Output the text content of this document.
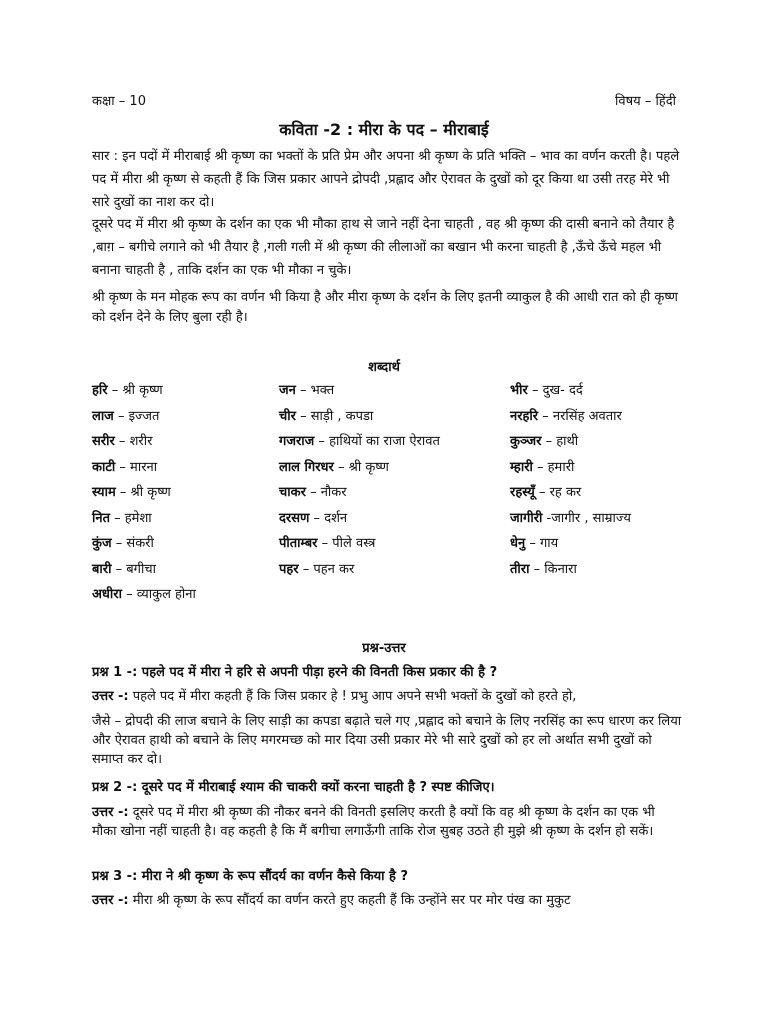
कक्षा – 10	विषय – हिंदी
कविता -2 : मीरा के पद – मीराबाई

सार : इन पदों में मीराबाई श्री कृष्ण का भक्तों के प्रति प्रेम और अपना श्री कृष्ण के प्रति भक्ति – भाव का वर्णन करती है। पहले पद में मीरा श्री कृष्ण से कहती हैं कि जिस प्रकार आपने द्रोपदी ,प्रह्लाद और ऐरावत के दुखों को दूर किया था उसी तरह मेरे भी सारे दुखों का नाश कर दो।

दूसरे पद में मीरा श्री कृष्ण के दर्शन का एक भी मौका हाथ से जाने नहीं देना चाहती , वह श्री कृष्ण की दासी बनाने को तैयार है ,बाग़ – बगीचे लगाने को भी तैयार है ,गली गली में श्री कृष्ण की लीलाओं का बखान भी करना चाहती है ,ऊँचे ऊँचे महल भी बनाना चाहती है , ताकि दर्शन का एक भी मौका न चुके।

श्री कृष्ण के मन मोहक रूप का वर्णन भी किया है और मीरा कृष्ण के दर्शन के लिए इतनी व्याकुल है की आधी रात को ही कृष्ण को दर्शन देने के लिए बुला रही है।

शब्दार्थ
हरि – श्री कृष्ण	जन – भक्त	भीर – दुख- दर्द
लाज – इज्जत	चीर – साड़ी , कपडा	नरहरि – नरसिंह अवतार
सरीर – शरीर	गजराज – हाथियों का राजा ऐरावत	कुञ्जर – हाथी
काटी – मारना	लाल गिरधर – श्री कृष्ण	म्हारी – हमारी
स्याम – श्री कृष्ण	चाकर – नौकर	रहस्यूँ – रह कर
नित – हमेशा	दरसण – दर्शन	जागीरी -जागीर , साम्राज्य
कुंज – संकरी	पीताम्बर – पीले वस्त्र	धेनु – गाय
बारी – बगीचा	पहर – पहन कर	तीरा – किनारा
अधीरा – व्याकुल होना
प्रश्न-उत्तर

प्रश्न 1 -: पहले पद में मीरा ने हरि से अपनी पीड़ा हरने की विनती किस प्रकार की है ?

उत्तर -: पहले पद में मीरा कहती हैं कि जिस प्रकार हे ! प्रभु आप अपने सभी भक्तों के दुखों को हरते हो,

जैसे – द्रोपदी की लाज बचाने के लिए साड़ी का कपडा बढ़ाते चले गए ,प्रह्लाद को बचाने के लिए नरसिंह का रूप धारण कर लिया और ऐरावत हाथी को बचाने के लिए मगरमच्छ को मार दिया उसी प्रकार मेरे भी सारे दुखों को हर लो अर्थात सभी दुखों को समाप्त कर दो।

प्रश्न 2 -: दूसरे पद में मीराबाई श्याम की चाकरी क्यों करना चाहती है ? स्पष्ट कीजिए।

उत्तर -: दूसरे पद में मीरा श्री कृष्ण की नौकर बनने की विनती इसलिए करती है क्यों कि वह श्री कृष्ण के दर्शन का एक भी मौका खोना नहीं चाहती है। वह कहती है कि मैं बगीचा लगाऊँगी ताकि रोज सुबह उठते ही मुझे श्री कृष्ण के दर्शन हो सकें।

प्रश्न 3 -: मीरा ने श्री कृष्ण के रूप सौंदर्य का वर्णन कैसे किया है ?

उत्तर -: मीरा श्री कृष्ण के रूप सौंदर्य का वर्णन करते हुए कहती हैं कि उन्होंने सर पर मोर पंख का मुकुट
